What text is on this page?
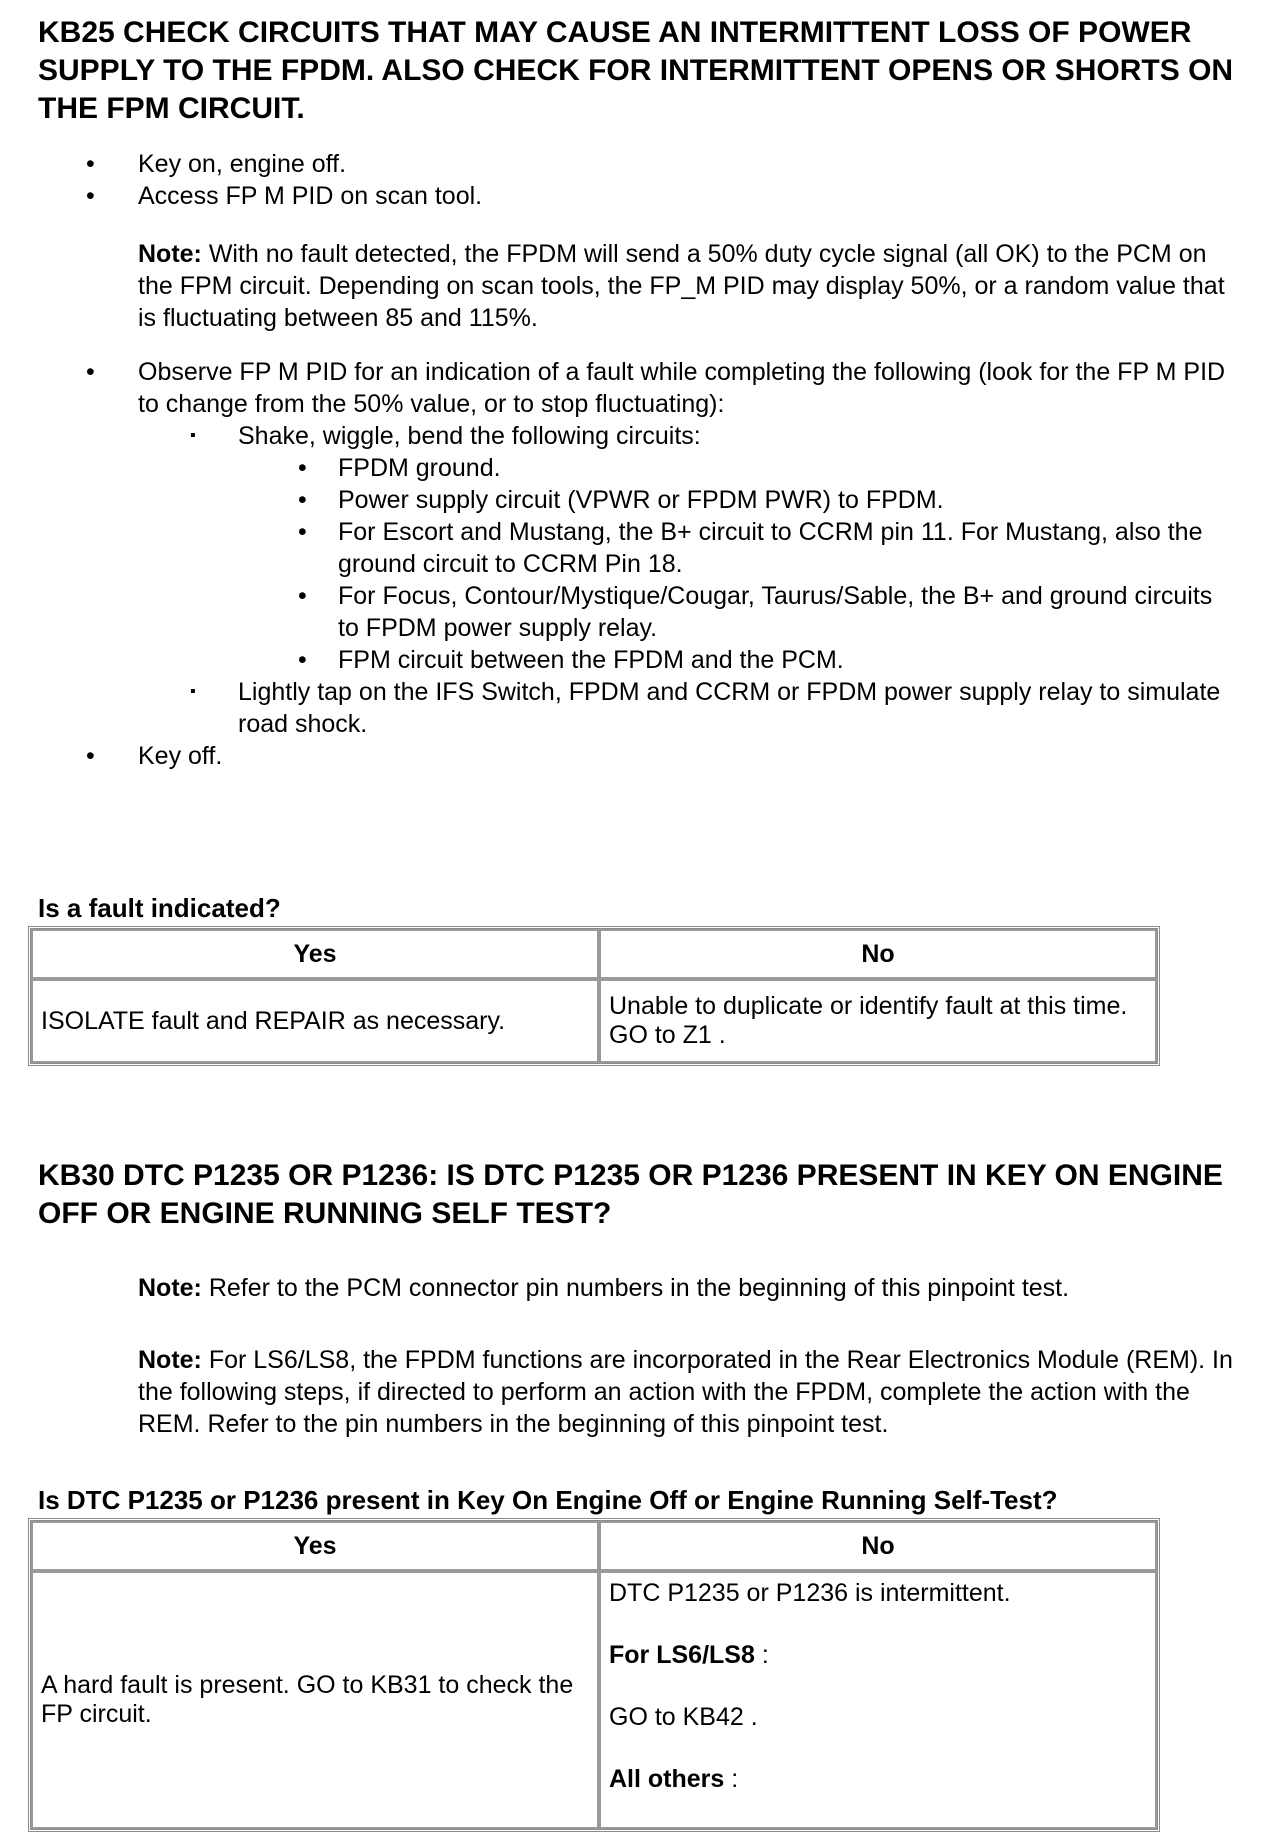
KB25 CHECK CIRCUITS THAT MAY CAUSE AN INTERMITTENT LOSS OF POWER SUPPLY TO THE FPDM. ALSO CHECK FOR INTERMITTENT OPENS OR SHORTS ON THE FPM CIRCUIT.
• Key on, engine off.
• Access FP M PID on scan tool.
Note: With no fault detected, the FPDM will send a 50% duty cycle signal (all OK) to the PCM on the FPM circuit. Depending on scan tools, the FP_M PID may display 50%, or a random value that is fluctuating between 85 and 115%.
• Observe FP M PID for an indication of a fault while completing the following (look for the FP M PID to change from the 50% value, or to stop fluctuating):
▪ Shake, wiggle, bend the following circuits:
• FPDM ground.
• Power supply circuit (VPWR or FPDM PWR) to FPDM.
• For Escort and Mustang, the B+ circuit to CCRM pin 11. For Mustang, also the ground circuit to CCRM Pin 18.
• For Focus, Contour/Mystique/Cougar, Taurus/Sable, the B+ and ground circuits to FPDM power supply relay.
• FPM circuit between the FPDM and the PCM.
▪ Lightly tap on the IFS Switch, FPDM and CCRM or FPDM power supply relay to simulate road shock.
• Key off.
Is a fault indicated?
Yes	No
ISOLATE fault and REPAIR as necessary.	Unable to duplicate or identify fault at this time. GO to Z1 .
KB30 DTC P1235 OR P1236: IS DTC P1235 OR P1236 PRESENT IN KEY ON ENGINE OFF OR ENGINE RUNNING SELF TEST?
Note: Refer to the PCM connector pin numbers in the beginning of this pinpoint test.
Note: For LS6/LS8, the FPDM functions are incorporated in the Rear Electronics Module (REM). In the following steps, if directed to perform an action with the FPDM, complete the action with the REM. Refer to the pin numbers in the beginning of this pinpoint test.
Is DTC P1235 or P1236 present in Key On Engine Off or Engine Running Self-Test?
Yes	No
A hard fault is present. GO to KB31 to check the FP circuit.	DTC P1235 or P1236 is intermittent.

For LS6/LS8 :

GO to KB42 .

All others :
